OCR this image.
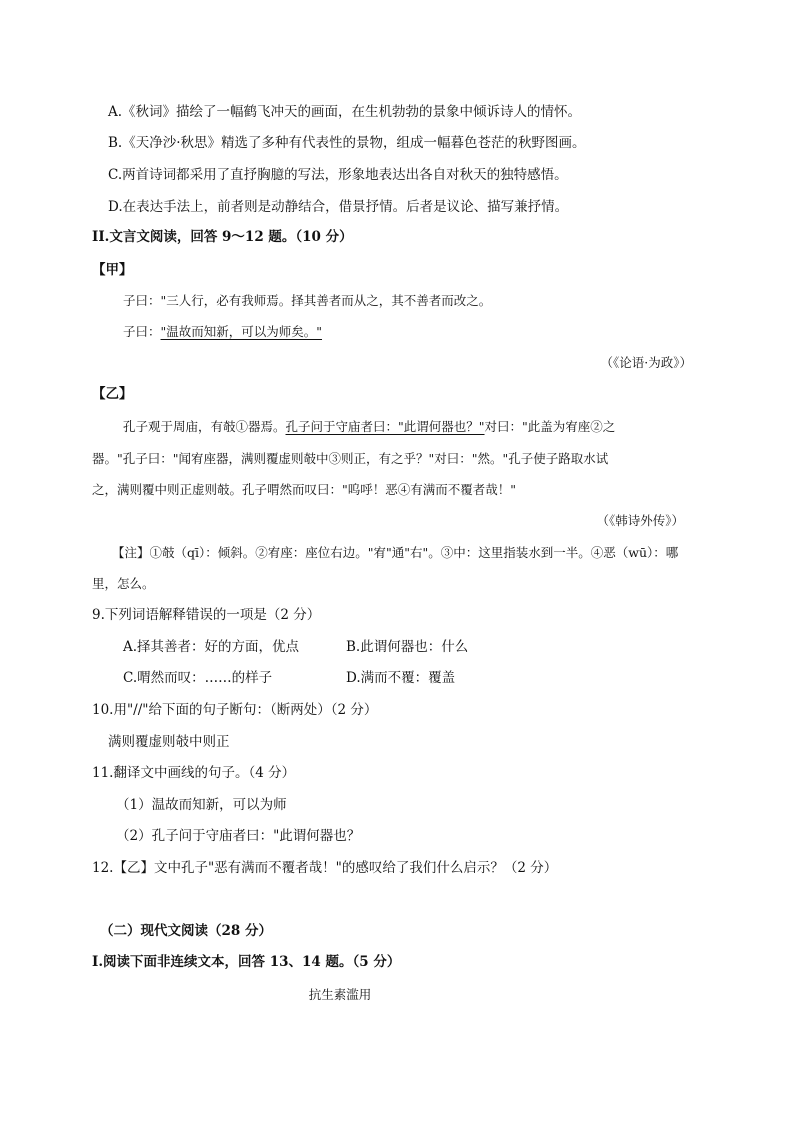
A.《秋词》描绘了一幅鹤飞冲天的画面，在生机勃勃的景象中倾诉诗人的情怀。
B.《天净沙·秋思》精选了多种有代表性的景物，组成一幅暮色苍茫的秋野图画。
C.两首诗词都采用了直抒胸臆的写法，形象地表达出各自对秋天的独特感悟。
D.在表达手法上，前者则是动静结合，借景抒情。后者是议论、描写兼抒情。
II.文言文阅读，回答 9～12 题。（10 分）
【甲】
子曰："三人行，必有我师焉。择其善者而从之，其不善者而改之。
子曰："温故而知新，可以为师矣。"
（《论语·为政》）
【乙】
孔子观于周庙，有攲①器焉。孔子问于守庙者曰："此谓何器也？"对曰："此盖为宥座②之
器。"孔子曰："闻宥座器，满则覆虚则攲中③则正，有之乎？"对曰："然。"孔子使子路取水试
之，满则覆中则正虚则攲。孔子喟然而叹曰："呜呼！恶④有满而不覆者哉！"
（《韩诗外传》）
【注】①攲（qī）：倾斜。②宥座：座位右边。"宥"通"右"。③中：这里指装水到一半。④恶（wū）：哪
里，怎么。
9.下列词语解释错误的一项是（2 分）
A.择其善者：好的方面，优点	B.此谓何器也：什么
C.喟然而叹：……的样子	D.满而不覆：覆盖
10.用"//"给下面的句子断句：（断两处）（2 分）
满则覆虚则攲中则正
11.翻译文中画线的句子。（4 分）
（1）温故而知新，可以为师
（2）孔子问于守庙者曰："此谓何器也？
12.【乙】文中孔子"恶有满而不覆者哉！"的感叹给了我们什么启示？（2 分）
（二）现代文阅读（28 分）
I.阅读下面非连续文本，回答 13、14 题。（5 分）
抗生素滥用
